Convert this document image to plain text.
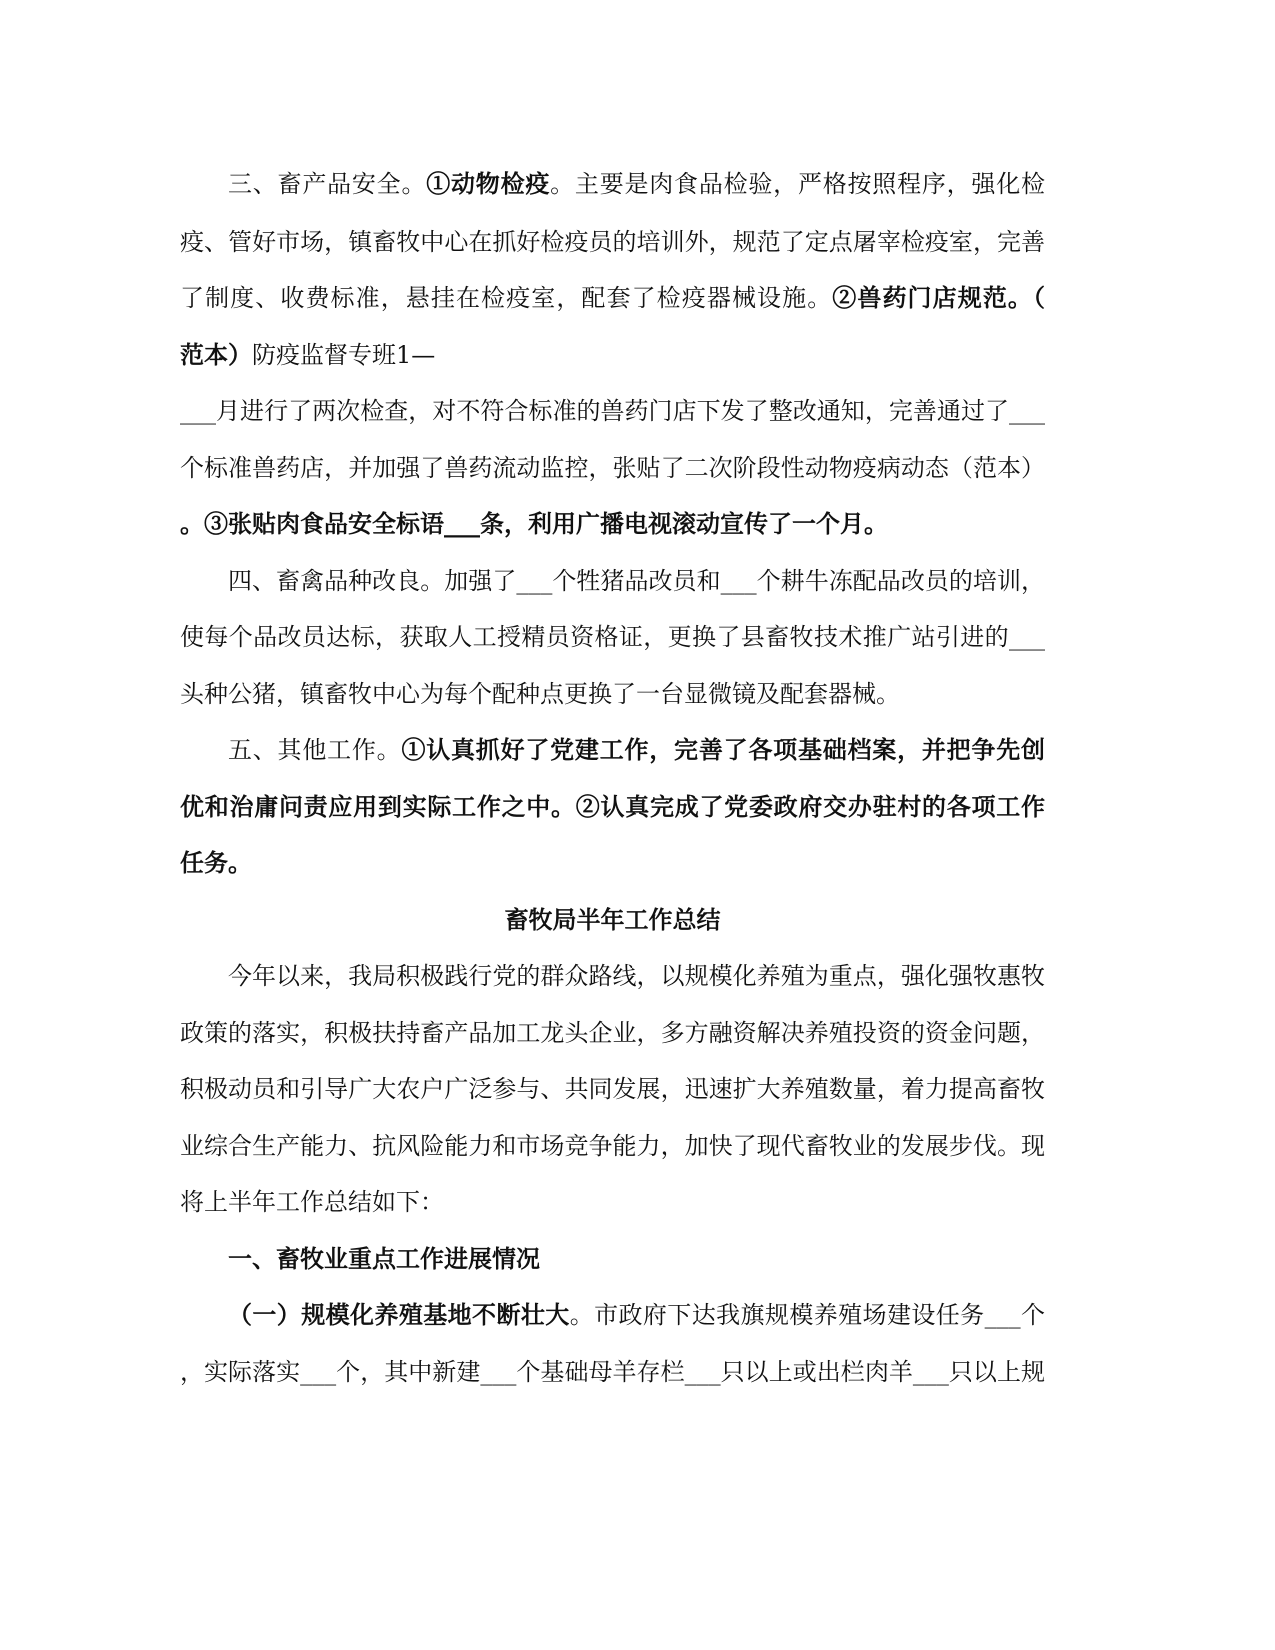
三、畜产品安全。①动物检疫。主要是肉食品检验，严格按照程序，强化检
疫、管好市场，镇畜牧中心在抓好检疫员的培训外，规范了定点屠宰检疫室，完善
了制度、收费标准，悬挂在检疫室，配套了检疫器械设施。②兽药门店规范。（
范本）防疫监督专班1—
___月进行了两次检查，对不符合标准的兽药门店下发了整改通知，完善通过了___
个标准兽药店，并加强了兽药流动监控，张贴了二次阶段性动物疫病动态（范本）
。③张贴肉食品安全标语___条，利用广播电视滚动宣传了一个月。
四、畜禽品种改良。加强了___个牲猪品改员和___个耕牛冻配品改员的培训，
使每个品改员达标，获取人工授精员资格证，更换了县畜牧技术推广站引进的___
头种公猪，镇畜牧中心为每个配种点更换了一台显微镜及配套器械。
五、其他工作。①认真抓好了党建工作，完善了各项基础档案，并把争先创
优和治庸问责应用到实际工作之中。②认真完成了党委政府交办驻村的各项工作
任务。
畜牧局半年工作总结
今年以来，我局积极践行党的群众路线，以规模化养殖为重点，强化强牧惠牧
政策的落实，积极扶持畜产品加工龙头企业，多方融资解决养殖投资的资金问题，
积极动员和引导广大农户广泛参与、共同发展，迅速扩大养殖数量，着力提高畜牧
业综合生产能力、抗风险能力和市场竞争能力，加快了现代畜牧业的发展步伐。现
将上半年工作总结如下：
一、畜牧业重点工作进展情况
（一）规模化养殖基地不断壮大。市政府下达我旗规模养殖场建设任务___个
，实际落实___个，其中新建___个基础母羊存栏___只以上或出栏肉羊___只以上规
